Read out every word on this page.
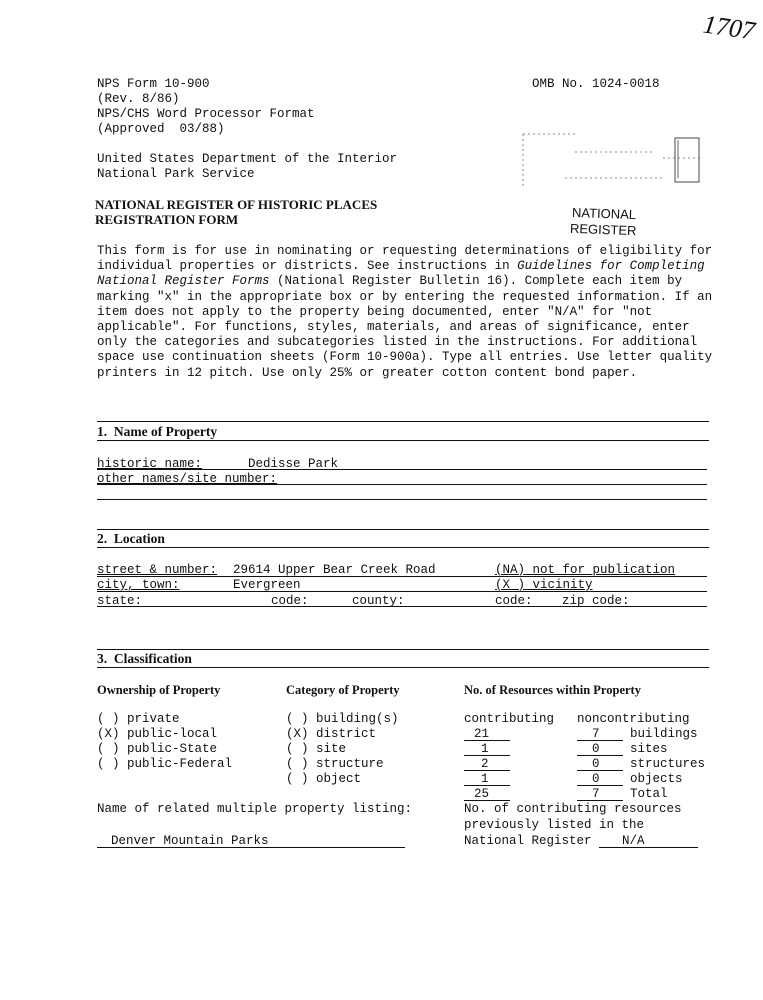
1707
NPS Form 10-900
(Rev. 8/86)
NPS/CHS Word Processor Format
(Approved  03/88)
OMB No. 1024-0018
United States Department of the Interior
National Park Service
NATIONAL REGISTER OF HISTORIC PLACES
REGISTRATION FORM	NATIONAL
REGISTER

This form is for use in nominating or requesting determinations of eligibility for individual properties or districts. See instructions in Guidelines for Completing National Register Forms (National Register Bulletin 16). Complete each item by marking "x" in the appropriate box or by entering the requested information. If an item does not apply to the property being documented, enter "N/A" for "not applicable". For functions, styles, materials, and areas of significance, enter only the categories and subcategories listed in the instructions. For additional space use continuation sheets (Form 10-900a). Type all entries. Use letter quality printers in 12 pitch. Use only 25% or greater cotton content bond paper.

1.  Name of Property
historic name:	Dedisse Park
other names/site number:
2.  Location
street & number: 29614 Upper Bear Creek Road	(NA) not for publication
city, town:	Evergreen	(X ) vicinity
state:	code:	county:	code: zip code:
3.  Classification
Ownership of Property	Category of Property	No. of Resources within Property
( ) private
(X) public-local
( ) public-State
( ) public-Federal
( ) building(s)
(X) district
( ) site
( ) structure
( ) object
contributing noncontributing
21	7 buildings
1	0 sites
2	0 structures
1	0 objects
25	7 Total
Name of related multiple property listing:
Denver Mountain Parks
No. of contributing resources
previously listed in the
National Register N/A
